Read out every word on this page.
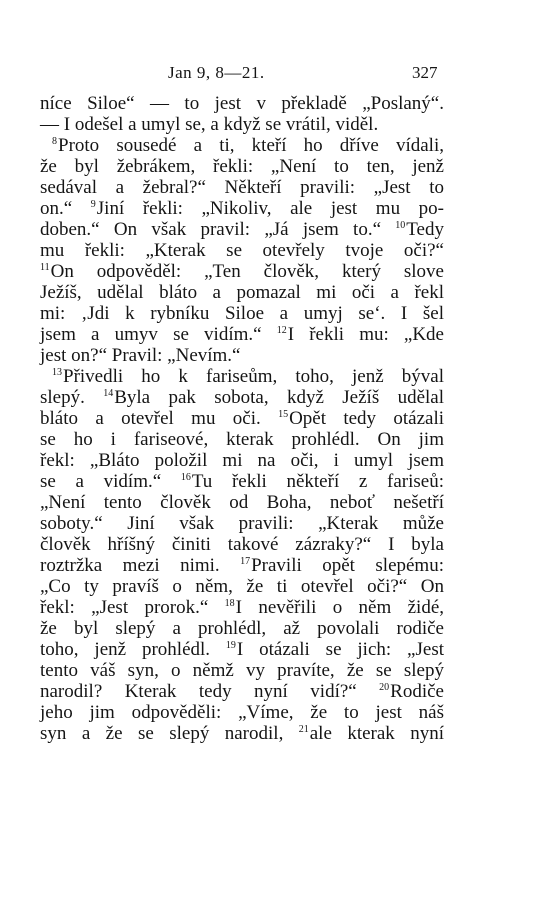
Jan 9, 8—21.	327
níce Siloe“ — to jest v překladě „Poslaný“.
— I odešel a umyl se, a když se vrátil, viděl.
$^8$Proto sousedé a ti, kteří ho dříve vídali,
že byl žebrákem, řekli: „Není to ten, jenž
sedával a žebral?“ Někteří pravili: „Jest to
on.“ $^9$Jiní řekli: „Nikoliv, ale jest mu po-
doben.“ On však pravil: „Já jsem to.“ $^{10}$Tedy
mu řekli: „Kterak se otevřely tvoje oči?“
$^{11}$On odpověděl: „Ten člověk, který slove
Ježíš, udělal bláto a pomazal mi oči a řekl
mi: ‚Jdi k rybníku Siloe a umyj se‘. I šel
jsem a umyv se vidím.“ $^{12}$I řekli mu: „Kde
jest on?“ Pravil: „Nevím.“
$^{13}$Přivedli ho k fariseům, toho, jenž býval
slepý. $^{14}$Byla pak sobota, když Ježíš udělal
bláto a otevřel mu oči. $^{15}$Opět tedy otázali
se ho i fariseové, kterak prohlédl. On jim
řekl: „Bláto položil mi na oči, i umyl jsem
se a vidím.“ $^{16}$Tu řekli někteří z fariseů:
„Není tento člověk od Boha, neboť nešetří
soboty.“ Jiní však pravili: „Kterak může
člověk hříšný činiti takové zázraky?“ I byla
roztržka mezi nimi. $^{17}$Pravili opět slepému:
„Co ty pravíš o něm, že ti otevřel oči?“ On
řekl: „Jest prorok.“ $^{18}$I nevěřili o něm židé,
že byl slepý a prohlédl, až povolali rodiče
toho, jenž prohlédl. $^{19}$I otázali se jich: „Jest
tento váš syn, o němž vy pravíte, že se slepý
narodil? Kterak tedy nyní vidí?“ $^{20}$Rodiče
jeho jim odpověděli: „Víme, že to jest náš
syn a že se slepý narodil, $^{21}$ale kterak nyní
